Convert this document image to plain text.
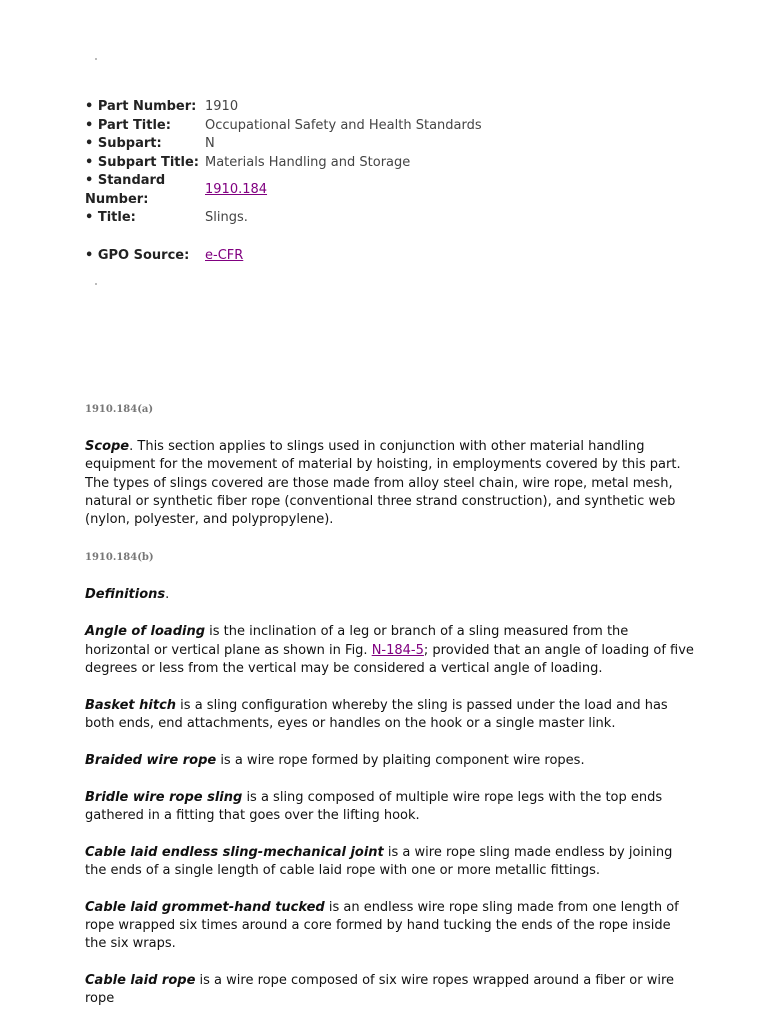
• Part Number:	1910
• Part Title:	Occupational Safety and Health Standards
• Subpart:	N
• Subpart Title:	Materials Handling and Storage
• Standard Number:	1910.184
• Title:	Slings.

• GPO Source:	e-CFR
1910.184(a)

Scope. This section applies to slings used in conjunction with other material handling equipment for the movement of material by hoisting, in employments covered by this part. The types of slings covered are those made from alloy steel chain, wire rope, metal mesh, natural or synthetic fiber rope (conventional three strand construction), and synthetic web (nylon, polyester, and polypropylene).

1910.184(b)

Definitions.

Angle of loading is the inclination of a leg or branch of a sling measured from the horizontal or vertical plane as shown in Fig. N-184-5; provided that an angle of loading of five degrees or less from the vertical may be considered a vertical angle of loading.

Basket hitch is a sling configuration whereby the sling is passed under the load and has both ends, end attachments, eyes or handles on the hook or a single master link.

Braided wire rope is a wire rope formed by plaiting component wire ropes.

Bridle wire rope sling is a sling composed of multiple wire rope legs with the top ends gathered in a fitting that goes over the lifting hook.

Cable laid endless sling-mechanical joint is a wire rope sling made endless by joining the ends of a single length of cable laid rope with one or more metallic fittings.

Cable laid grommet-hand tucked is an endless wire rope sling made from one length of rope wrapped six times around a core formed by hand tucking the ends of the rope inside the six wraps.

Cable laid rope is a wire rope composed of six wire ropes wrapped around a fiber or wire rope
